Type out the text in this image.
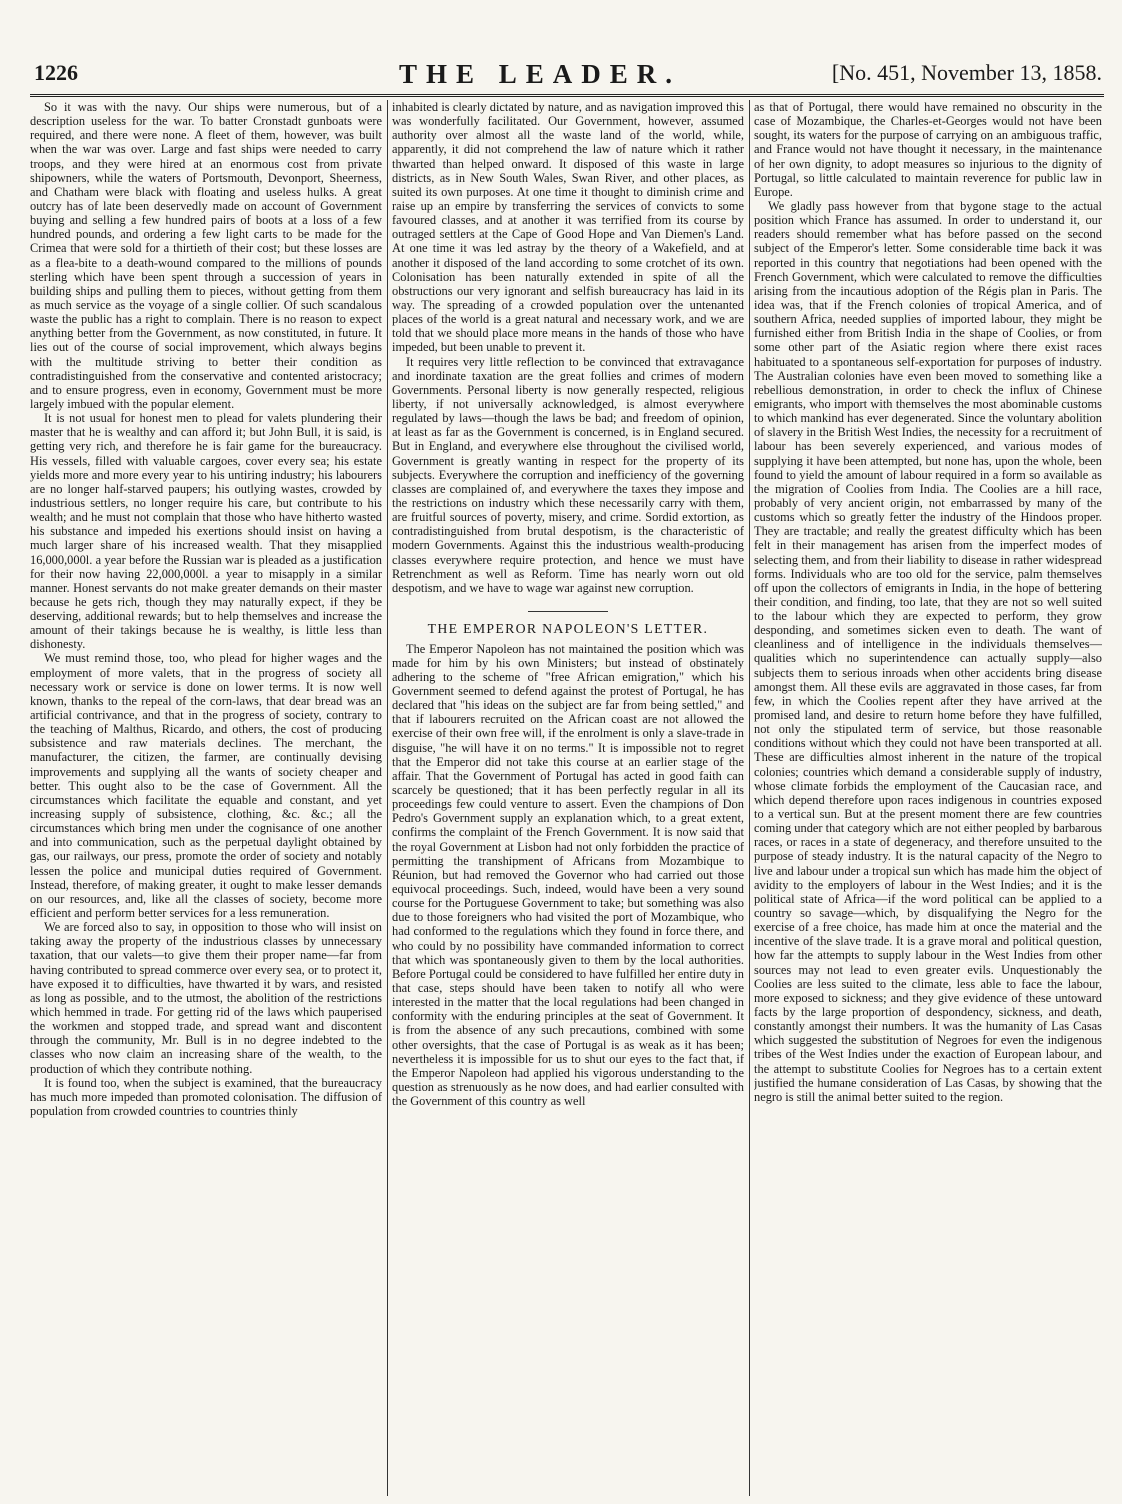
1226	THE LEADER.	[No. 451, November 13, 1858.

So it was with the navy. Our ships were numerous, but of a description useless for the war. To batter Cronstadt gunboats were required, and there were none. A fleet of them, however, was built when the war was over. Large and fast ships were needed to carry troops, and they were hired at an enormous cost from private shipowners, while the waters of Portsmouth, Devonport, Sheerness, and Chatham were black with floating and useless hulks. A great outcry has of late been deservedly made on account of Government buying and selling a few hundred pairs of boots at a loss of a few hundred pounds, and ordering a few light carts to be made for the Crimea that were sold for a thirtieth of their cost; but these losses are as a flea-bite to a death-wound compared to the millions of pounds sterling which have been spent through a succession of years in building ships and pulling them to pieces, without getting from them as much service as the voyage of a single collier. Of such scandalous waste the public has a right to complain. There is no reason to expect anything better from the Government, as now constituted, in future. It lies out of the course of social improvement, which always begins with the multitude striving to better their condition as contradistinguished from the conservative and contented aristocracy; and to ensure progress, even in economy, Government must be more largely imbued with the popular element.

It is not usual for honest men to plead for valets plundering their master that he is wealthy and can afford it; but John Bull, it is said, is getting very rich, and therefore he is fair game for the bureaucracy. His vessels, filled with valuable cargoes, cover every sea; his estate yields more and more every year to his untiring industry; his labourers are no longer half-starved paupers; his outlying wastes, crowded by industrious settlers, no longer require his care, but contribute to his wealth; and he must not complain that those who have hitherto wasted his substance and impeded his exertions should insist on having a much larger share of his increased wealth. That they misapplied 16,000,000l. a year before the Russian war is pleaded as a justification for their now having 22,000,000l. a year to misapply in a similar manner. Honest servants do not make greater demands on their master because he gets rich, though they may naturally expect, if they be deserving, additional rewards; but to help themselves and increase the amount of their takings because he is wealthy, is little less than dishonesty.

We must remind those, too, who plead for higher wages and the employment of more valets, that in the progress of society all necessary work or service is done on lower terms. It is now well known, thanks to the repeal of the corn-laws, that dear bread was an artificial contrivance, and that in the progress of society, contrary to the teaching of Malthus, Ricardo, and others, the cost of producing subsistence and raw materials declines. The merchant, the manufacturer, the citizen, the farmer, are continually devising improvements and supplying all the wants of society cheaper and better. This ought also to be the case of Government. All the circumstances which facilitate the equable and constant, and yet increasing supply of subsistence, clothing, &c. &c.; all the circumstances which bring men under the cognisance of one another and into communication, such as the perpetual daylight obtained by gas, our railways, our press, promote the order of society and notably lessen the police and municipal duties required of Government. Instead, therefore, of making greater, it ought to make lesser demands on our resources, and, like all the classes of society, become more efficient and perform better services for a less remuneration.

We are forced also to say, in opposition to those who will insist on taking away the property of the industrious classes by unnecessary taxation, that our valets—to give them their proper name—far from having contributed to spread commerce over every sea, or to protect it, have exposed it to difficulties, have thwarted it by wars, and resisted as long as possible, and to the utmost, the abolition of the restrictions which hemmed in trade. For getting rid of the laws which pauperised the workmen and stopped trade, and spread want and discontent through the community, Mr. Bull is in no degree indebted to the classes who now claim an increasing share of the wealth, to the production of which they contribute nothing.

It is found too, when the subject is examined, that the bureaucracy has much more impeded than promoted colonisation. The diffusion of population from crowded countries to countries thinly

inhabited is clearly dictated by nature, and as navigation improved this was wonderfully facilitated. Our Government, however, assumed authority over almost all the waste land of the world, while, apparently, it did not comprehend the law of nature which it rather thwarted than helped onward. It disposed of this waste in large districts, as in New South Wales, Swan River, and other places, as suited its own purposes. At one time it thought to diminish crime and raise up an empire by transferring the services of convicts to some favoured classes, and at another it was terrified from its course by outraged settlers at the Cape of Good Hope and Van Diemen's Land. At one time it was led astray by the theory of a Wakefield, and at another it disposed of the land according to some crotchet of its own. Colonisation has been naturally extended in spite of all the obstructions our very ignorant and selfish bureaucracy has laid in its way. The spreading of a crowded population over the untenanted places of the world is a great natural and necessary work, and we are told that we should place more means in the hands of those who have impeded, but been unable to prevent it.

It requires very little reflection to be convinced that extravagance and inordinate taxation are the great follies and crimes of modern Governments. Personal liberty is now generally respected, religious liberty, if not universally acknowledged, is almost everywhere regulated by laws—though the laws be bad; and freedom of opinion, at least as far as the Government is concerned, is in England secured. But in England, and everywhere else throughout the civilised world, Government is greatly wanting in respect for the property of its subjects. Everywhere the corruption and inefficiency of the governing classes are complained of, and everywhere the taxes they impose and the restrictions on industry which these necessarily carry with them, are fruitful sources of poverty, misery, and crime. Sordid extortion, as contradistinguished from brutal despotism, is the characteristic of modern Governments. Against this the industrious wealth-producing classes everywhere require protection, and hence we must have Retrenchment as well as Reform. Time has nearly worn out old despotism, and we have to wage war against new corruption.

THE EMPEROR NAPOLEON'S LETTER.

The Emperor Napoleon has not maintained the position which was made for him by his own Ministers; but instead of obstinately adhering to the scheme of "free African emigration," which his Government seemed to defend against the protest of Portugal, he has declared that "his ideas on the subject are far from being settled," and that if labourers recruited on the African coast are not allowed the exercise of their own free will, if the enrolment is only a slave-trade in disguise, "he will have it on no terms." It is impossible not to regret that the Emperor did not take this course at an earlier stage of the affair. That the Government of Portugal has acted in good faith can scarcely be questioned; that it has been perfectly regular in all its proceedings few could venture to assert. Even the champions of Don Pedro's Government supply an explanation which, to a great extent, confirms the complaint of the French Government. It is now said that the royal Government at Lisbon had not only forbidden the practice of permitting the transhipment of Africans from Mozambique to Réunion, but had removed the Governor who had carried out those equivocal proceedings. Such, indeed, would have been a very sound course for the Portuguese Government to take; but something was also due to those foreigners who had visited the port of Mozambique, who had conformed to the regulations which they found in force there, and who could by no possibility have commanded information to correct that which was spontaneously given to them by the local authorities. Before Portugal could be considered to have fulfilled her entire duty in that case, steps should have been taken to notify all who were interested in the matter that the local regulations had been changed in conformity with the enduring principles at the seat of Government. It is from the absence of any such precautions, combined with some other oversights, that the case of Portugal is as weak as it has been; nevertheless it is impossible for us to shut our eyes to the fact that, if the Emperor Napoleon had applied his vigorous understanding to the question as strenuously as he now does, and had earlier consulted with the Government of this country as well

as that of Portugal, there would have remained no obscurity in the case of Mozambique, the Charles-et-Georges would not have been sought, its waters for the purpose of carrying on an ambiguous traffic, and France would not have thought it necessary, in the maintenance of her own dignity, to adopt measures so injurious to the dignity of Portugal, so little calculated to maintain reverence for public law in Europe.

We gladly pass however from that bygone stage to the actual position which France has assumed. In order to understand it, our readers should remember what has before passed on the second subject of the Emperor's letter. Some considerable time back it was reported in this country that negotiations had been opened with the French Government, which were calculated to remove the difficulties arising from the incautious adoption of the Régis plan in Paris. The idea was, that if the French colonies of tropical America, and of southern Africa, needed supplies of imported labour, they might be furnished either from British India in the shape of Coolies, or from some other part of the Asiatic region where there exist races habituated to a spontaneous self-exportation for purposes of industry. The Australian colonies have even been moved to something like a rebellious demonstration, in order to check the influx of Chinese emigrants, who import with themselves the most abominable customs to which mankind has ever degenerated. Since the voluntary abolition of slavery in the British West Indies, the necessity for a recruitment of labour has been severely experienced, and various modes of supplying it have been attempted, but none has, upon the whole, been found to yield the amount of labour required in a form so available as the migration of Coolies from India. The Coolies are a hill race, probably of very ancient origin, not embarrassed by many of the customs which so greatly fetter the industry of the Hindoos proper. They are tractable; and really the greatest difficulty which has been felt in their management has arisen from the imperfect modes of selecting them, and from their liability to disease in rather widespread forms. Individuals who are too old for the service, palm themselves off upon the collectors of emigrants in India, in the hope of bettering their condition, and finding, too late, that they are not so well suited to the labour which they are expected to perform, they grow desponding, and sometimes sicken even to death. The want of cleanliness and of intelligence in the individuals themselves—qualities which no superintendence can actually supply—also subjects them to serious inroads when other accidents bring disease amongst them. All these evils are aggravated in those cases, far from few, in which the Coolies repent after they have arrived at the promised land, and desire to return home before they have fulfilled, not only the stipulated term of service, but those reasonable conditions without which they could not have been transported at all. These are difficulties almost inherent in the nature of the tropical colonies; countries which demand a considerable supply of industry, whose climate forbids the employment of the Caucasian race, and which depend therefore upon races indigenous in countries exposed to a vertical sun. But at the present moment there are few countries coming under that category which are not either peopled by barbarous races, or races in a state of degeneracy, and therefore unsuited to the purpose of steady industry. It is the natural capacity of the Negro to live and labour under a tropical sun which has made him the object of avidity to the employers of labour in the West Indies; and it is the political state of Africa—if the word political can be applied to a country so savage—which, by disqualifying the Negro for the exercise of a free choice, has made him at once the material and the incentive of the slave trade. It is a grave moral and political question, how far the attempts to supply labour in the West Indies from other sources may not lead to even greater evils. Unquestionably the Coolies are less suited to the climate, less able to face the labour, more exposed to sickness; and they give evidence of these untoward facts by the large proportion of despondency, sickness, and death, constantly amongst their numbers. It was the humanity of Las Casas which suggested the substitution of Negroes for even the indigenous tribes of the West Indies under the exaction of European labour, and the attempt to substitute Coolies for Negroes has to a certain extent justified the humane consideration of Las Casas, by showing that the negro is still the animal better suited to the region.
